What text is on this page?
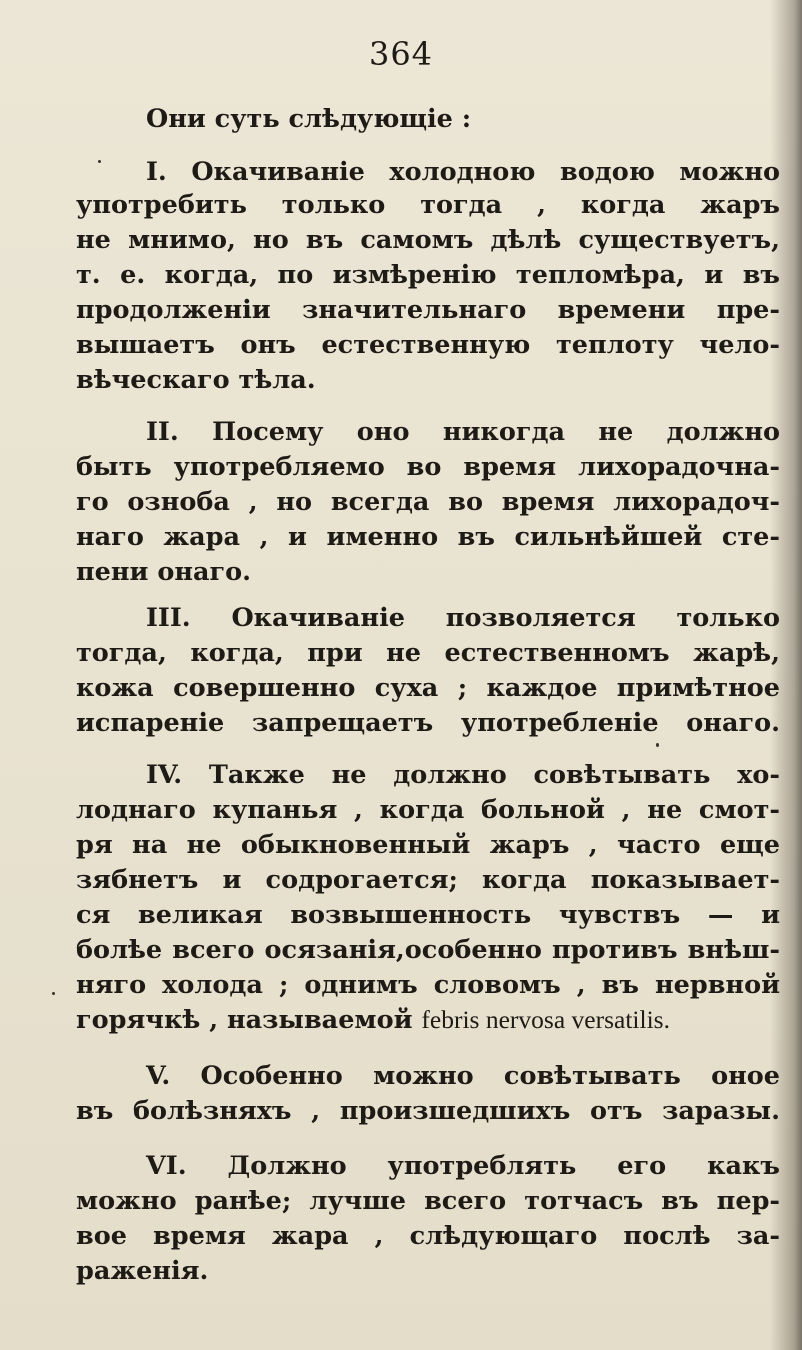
364
Они суть слѣдующіе :
I. Окачиваніе холодною водою можно
употребить только тогда , когда жаръ
не мнимо, но въ самомъ дѣлѣ существуетъ,
т. е. когда, по измѣренію тепломѣра, и въ
продолженіи значительнаго времени пре-
вышаетъ онъ естественную теплоту чело-
вѣческаго тѣла.
II. Посему оно никогда не должно
быть употребляемо во время лихорадочна-
го озноба , но всегда во время лихорадоч-
наго жара , и именно въ сильнѣйшей сте-
пени онаго.
III. Окачиваніе позволяется только
тогда, когда, при не естественномъ жарѣ,
кожа совершенно суха ; каждое примѣтное
испареніе запрещаетъ употребленіе онаго.
IV. Также не должно совѣтывать хо-
лоднаго купанья , когда больной , не смот-
ря на не обыкновенный жаръ , часто еще
зябнетъ и содрогается; когда показывает-
ся великая возвышенность чувствъ — и
болѣе всего осязанія,особенно противъ внѣш-
няго холода ; однимъ словомъ , въ нервной
горячкѣ , называемой febris nervosa versatilis.
V. Особенно можно совѣтывать оное
въ болѣзняхъ , произшедшихъ отъ заразы.
VI. Должно употреблять его какъ
можно ранѣе; лучше всего тотчасъ въ пер-
вое время жара , слѣдующаго послѣ за-
раженія.
